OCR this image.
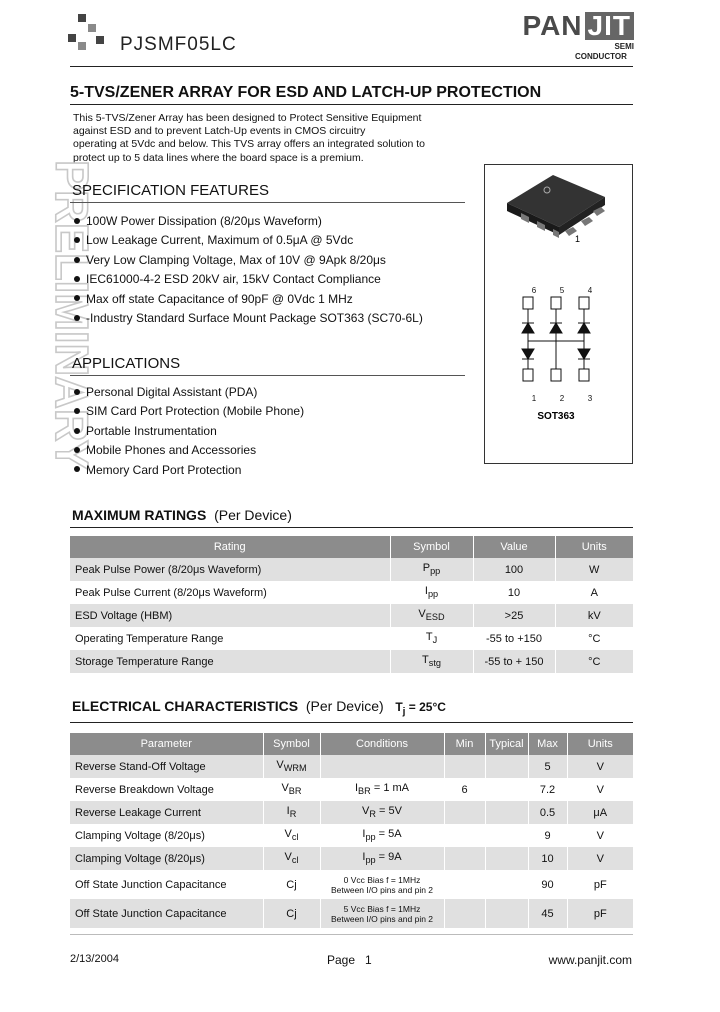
PJSMF05LC
PAN JIT
SEMI
CONDUCTOR
5-TVS/ZENER ARRAY FOR ESD AND LATCH-UP PROTECTION
This 5-TVS/Zener Array has been designed to Protect Sensitive Equipment
against ESD and to prevent Latch-Up events in CMOS circuitry
operating at 5Vdc and below. This TVS array offers an integrated solution to
protect up to 5 data lines where the board space is a premium.
PRELIMINARY
SPECIFICATION FEATURES
100W Power Dissipation (8/20μs Waveform)
Low Leakage Current, Maximum of 0.5μA @ 5Vdc
Very Low Clamping Voltage, Max of 10V @ 9Apk 8/20μs
IEC61000-4-2 ESD 20kV air, 15kV Contact Compliance
Max off state Capacitance of 90pF @ 0Vdc 1 MHz
-Industry Standard Surface Mount Package SOT363 (SC70-6L)
APPLICATIONS
Personal Digital Assistant (PDA)
SIM Card Port Protection (Mobile Phone)
Portable Instrumentation
Mobile Phones and Accessories
Memory Card Port Protection
1
6	5	4
1	2	3
SOT363
MAXIMUM RATINGS (Per Device)
Rating	Symbol	Value	Units
Peak Pulse Power (8/20μs Waveform)	$P_{pp}$	100	W
Peak Pulse Current (8/20μs Waveform)	$I_{pp}$	10	A
ESD Voltage (HBM)	$V_{ESD}$	>25	kV
Operating Temperature Range	$T_J$	-55 to +150	°C
Storage Temperature Range	$T_{stg}$	-55 to + 150	°C
ELECTRICAL CHARACTERISTICS (Per Device) $T_j = 25^\circ C$
Parameter	Symbol	Conditions	Min	Typical	Max	Units
Reverse Stand-Off Voltage	$V_{WRM}$				5	V
Reverse Breakdown Voltage	$V_{BR}$	$I_{BR} = 1$ mA	6		7.2	V
Reverse Leakage Current	$I_R$	$V_R = 5V$			0.5	μA
Clamping Voltage (8/20μs)	$V_{cl}$	$I_{pp} = 5A$			9	V
Clamping Voltage (8/20μs)	$V_{cl}$	$I_{pp} = 9A$			10	V
Off State Junction Capacitance	Cj	0 Vcc Bias f = 1MHz
Between I/O pins and pin 2			90	pF
Off State Junction Capacitance	Cj	5 Vcc Bias f = 1MHz
Between I/O pins and pin 2			45	pF
2/13/2004	Page 1	www.panjit.com
